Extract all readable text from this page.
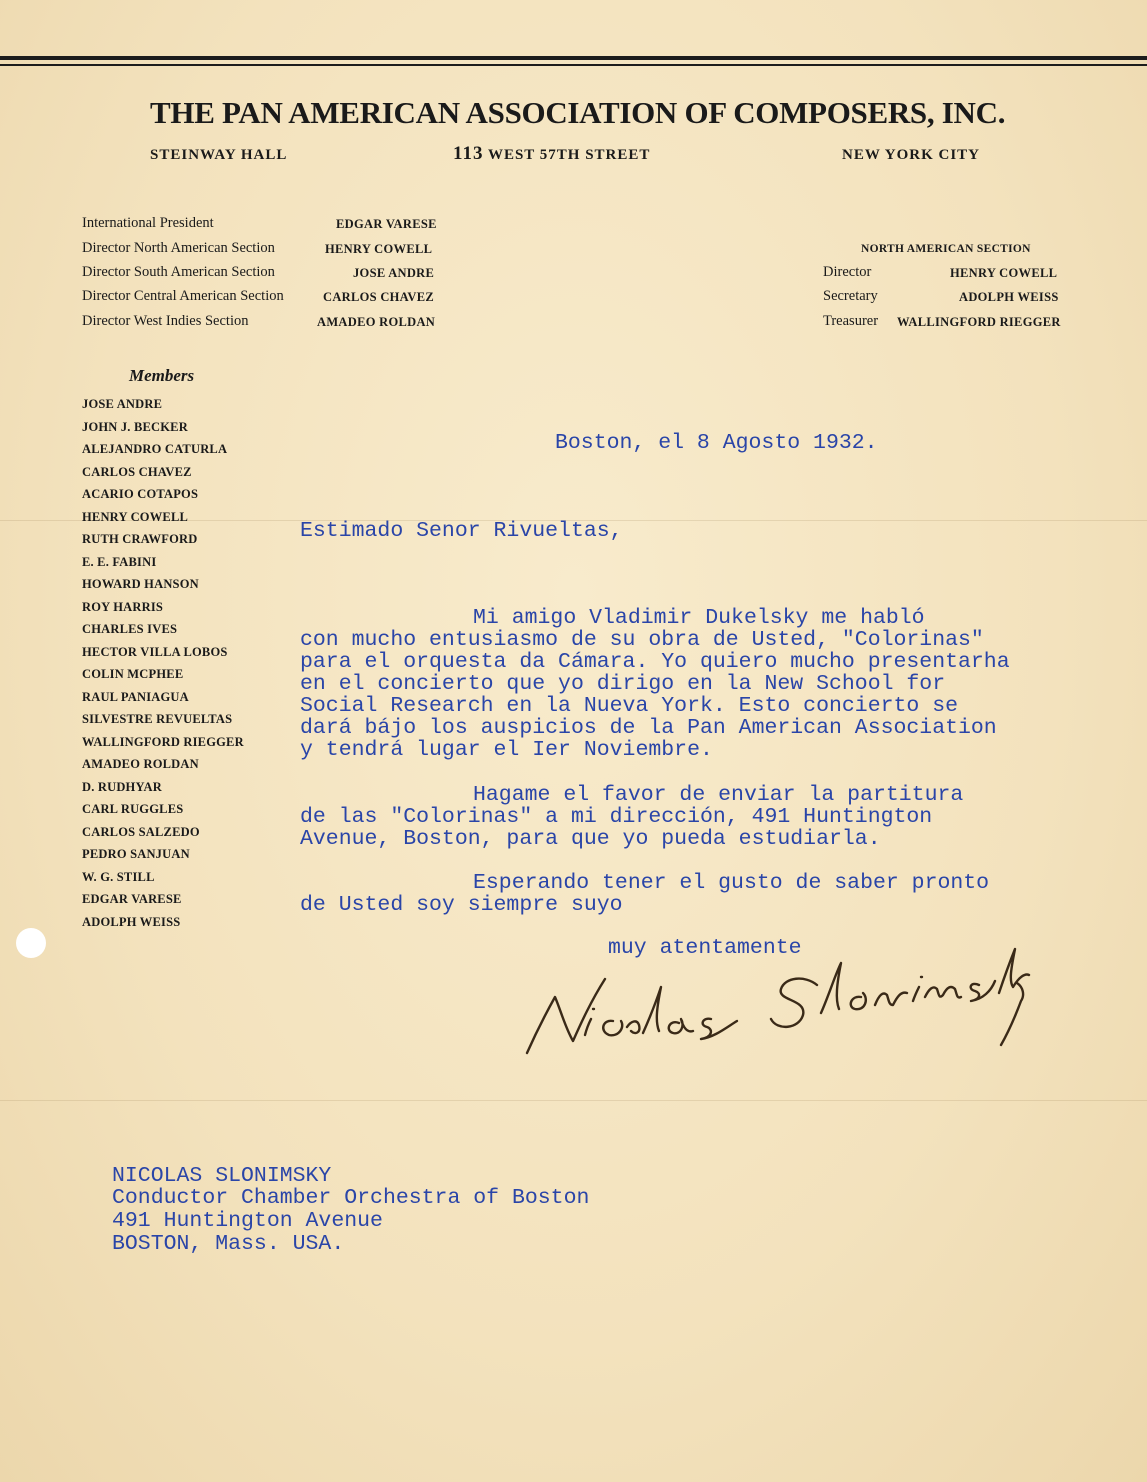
THE PAN AMERICAN ASSOCIATION OF COMPOSERS, INC.
STEINWAY HALL	113 WEST 57TH STREET	NEW YORK CITY
International President	EDGAR VARESE
Director North American Section	HENRY COWELL
Director South American Section	JOSE ANDRE
Director Central American Section	CARLOS CHAVEZ
Director West Indies Section	AMADEO ROLDAN
NORTH AMERICAN SECTION
Director	HENRY COWELL
Secretary	ADOLPH WEISS
Treasurer WALLINGFORD RIEGGER
Members
JOSE ANDRE
JOHN J. BECKER
ALEJANDRO CATURLA
CARLOS CHAVEZ
ACARIO COTAPOS
HENRY COWELL
RUTH CRAWFORD
E. E. FABINI
HOWARD HANSON
ROY HARRIS
CHARLES IVES
HECTOR VILLA LOBOS
COLIN MCPHEE
RAUL PANIAGUA
SILVESTRE REVUELTAS
WALLINGFORD RIEGGER
AMADEO ROLDAN
D. RUDHYAR
CARL RUGGLES
CARLOS SALZEDO
PEDRO SANJUAN
W. G. STILL
EDGAR VARESE
ADOLPH WEISS
Boston, el 8 Agosto 1932.
Estimado Senor Rivueltas,
Mi amigo Vladimir Dukelsky me habló
con mucho entusiasmo de su obra de Usted, "Colorinas"
para el orquesta da Cámara. Yo quiero mucho presentarha
en el concierto que yo dirigo en la New School for
Social Research en la Nueva York. Esto concierto se
dará bájo los auspicios de la Pan American Association
y tendrá lugar el Ier Noviembre.
Hagame el favor de enviar la partitura
de las "Colorinas" a mi dirección, 491 Huntington
Avenue, Boston, para que yo pueda estudiarla.
Esperando tener el gusto de saber pronto
de Usted soy siempre suyo
muy atentamente
NICOLAS SLONIMSKY
Conductor Chamber Orchestra of Boston
491 Huntington Avenue
BOSTON, Mass. USA.
